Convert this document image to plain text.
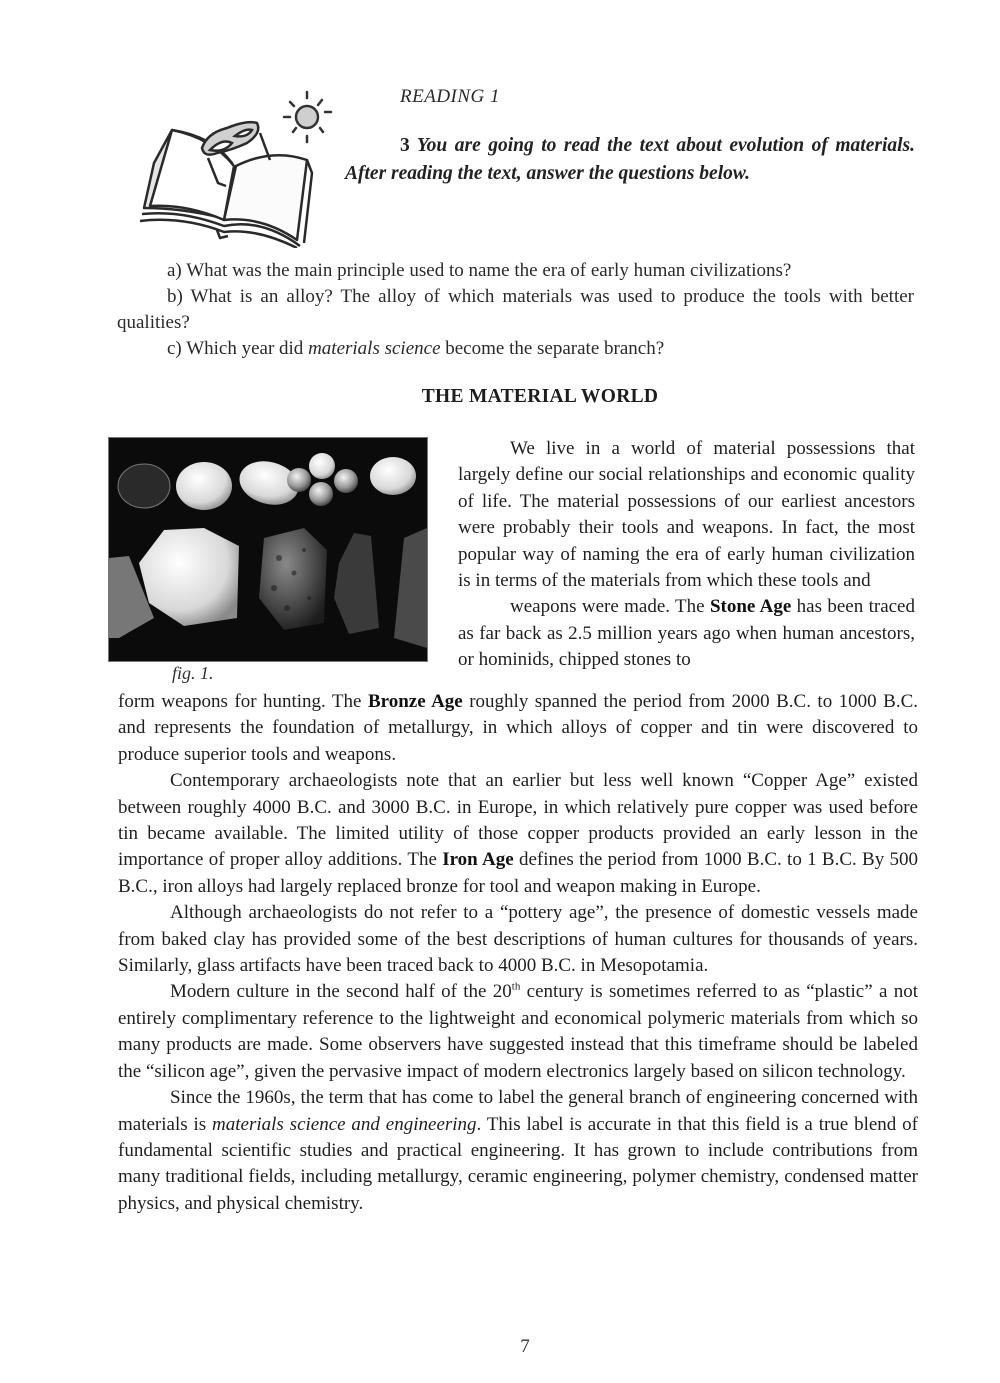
READING 1
3 You are going to read the text about evolution of materials. After reading the text, answer the questions below.
a) What was the main principle used to name the era of early human civilizations?
b) What is an alloy? The alloy of which materials was used to produce the tools with better qualities?
c) Which year did materials science become the separate branch?
THE MATERIAL WORLD
fig. 1.

We live in a world of material possessions that largely define our social relationships and economic quality of life. The material possessions of our earliest ancestors were probably their tools and weapons. In fact, the most popular way of naming the era of early human civilization is in terms of the materials from which these tools and

weapons were made. The Stone Age has been traced as far back as 2.5 million years ago when human ancestors, or hominids, chipped stones to

form weapons for hunting. The Bronze Age roughly spanned the period from 2000 B.C. to 1000 B.C. and represents the foundation of metallurgy, in which alloys of copper and tin were discovered to produce superior tools and weapons.

Contemporary archaeologists note that an earlier but less well known “Copper Age” existed between roughly 4000 B.C. and 3000 B.C. in Europe, in which relatively pure copper was used before tin became available. The limited utility of those copper products provided an early lesson in the importance of proper alloy additions. The Iron Age defines the period from 1000 B.C. to 1 B.C. By 500 B.C., iron alloys had largely replaced bronze for tool and weapon making in Europe.

Although archaeologists do not refer to a “pottery age”, the presence of domestic vessels made from baked clay has provided some of the best descriptions of human cultures for thousands of years. Similarly, glass artifacts have been traced back to 4000 B.C. in Mesopotamia.

Modern culture in the second half of the 20th century is sometimes referred to as “plastic” a not entirely complimentary reference to the lightweight and economical polymeric materials from which so many products are made. Some observers have suggested instead that this timeframe should be labeled the “silicon age”, given the pervasive impact of modern electronics largely based on silicon technology.

Since the 1960s, the term that has come to label the general branch of engineering concerned with materials is materials science and engineering. This label is accurate in that this field is a true blend of fundamental scientific studies and practical engineering. It has grown to include contributions from many traditional fields, including metallurgy, ceramic engineering, polymer chemistry, condensed matter physics, and physical chemistry.

7
